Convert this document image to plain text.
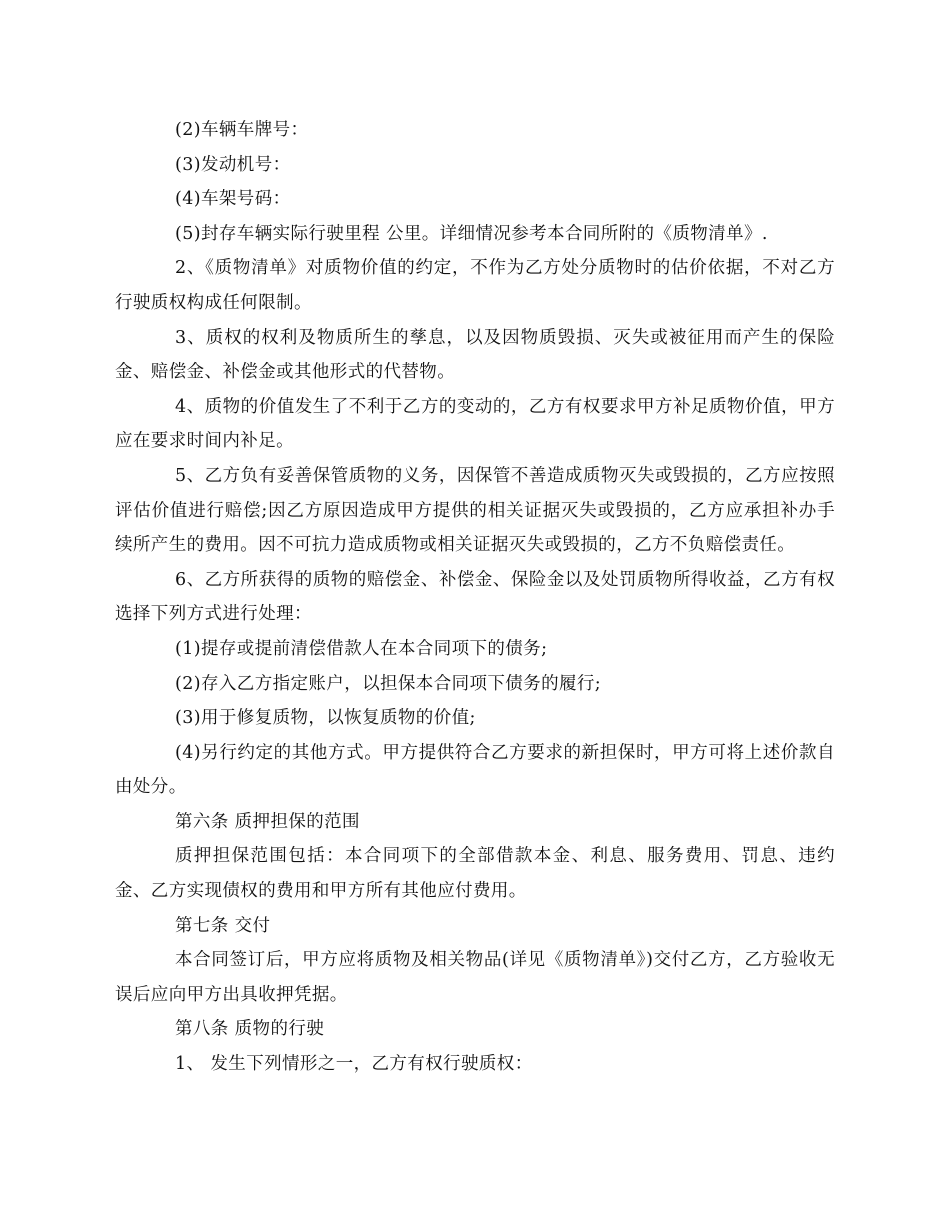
(2)车辆车牌号：

(3)发动机号：

(4)车架号码：

(5)封存车辆实际行驶里程 公里。详细情况参考本合同所附的《质物清单》.

2、《质物清单》对质物价值的约定，不作为乙方处分质物时的估价依据，不对乙方行驶质权构成任何限制。

3、质权的权利及物质所生的孳息，以及因物质毁损、灭失或被征用而产生的保险金、赔偿金、补偿金或其他形式的代替物。

4、质物的价值发生了不利于乙方的变动的，乙方有权要求甲方补足质物价值，甲方应在要求时间内补足。

5、乙方负有妥善保管质物的义务，因保管不善造成质物灭失或毁损的，乙方应按照评估价值进行赔偿;因乙方原因造成甲方提供的相关证据灭失或毁损的，乙方应承担补办手续所产生的费用。因不可抗力造成质物或相关证据灭失或毁损的，乙方不负赔偿责任。

6、乙方所获得的质物的赔偿金、补偿金、保险金以及处罚质物所得收益，乙方有权选择下列方式进行处理：

(1)提存或提前清偿借款人在本合同项下的债务;

(2)存入乙方指定账户，以担保本合同项下债务的履行;

(3)用于修复质物，以恢复质物的价值;

(4)另行约定的其他方式。甲方提供符合乙方要求的新担保时，甲方可将上述价款自由处分。

第六条 质押担保的范围

质押担保范围包括：本合同项下的全部借款本金、利息、服务费用、罚息、违约金、乙方实现债权的费用和甲方所有其他应付费用。

第七条 交付

本合同签订后，甲方应将质物及相关物品(详见《质物清单》)交付乙方，乙方验收无误后应向甲方出具收押凭据。

第八条 质物的行驶

1、 发生下列情形之一，乙方有权行驶质权：
